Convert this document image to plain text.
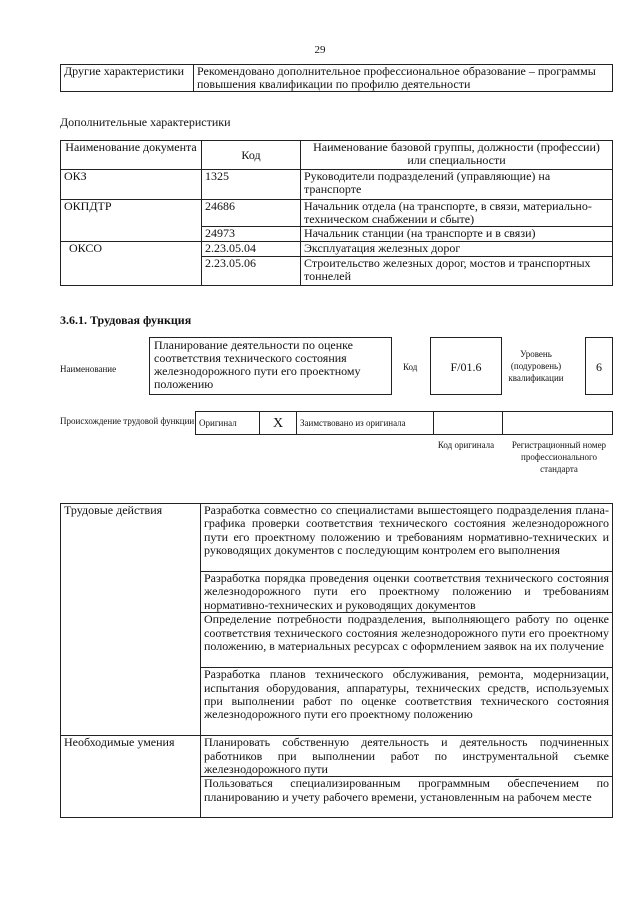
29
Другие характеристики	Рекомендовано дополнительное профессиональное образование – программы повышения квалификации по профилю деятельности
Дополнительные характеристики
Наименование документа	Код	Наименование базовой группы, должности (профессии) или специальности
ОКЗ	1325	Руководители подразделений (управляющие) на транспорте
ОКПДТР	24686	Начальник отдела (на транспорте, в связи, материально-техническом снабжении и сбыте)
	24973	Начальник станции (на транспорте и в связи)
ОКСО	2.23.05.04	Эксплуатация железных дорог
	2.23.05.06	Строительство железных дорог, мостов и транспортных тоннелей
3.6.1. Трудовая функция
Наименование
Планирование деятельности по оценке соответствия технического состояния железнодорожного пути его проектному положению
Код	F/01.6
Уровень (подуровень) квалификации
6
Происхождение трудовой функции Оригинал	X	Заимствовано из оригинала		
Код оригинала	Регистрационный номер профессионального стандарта
Трудовые действия	Разработка совместно со специалистами вышестоящего подразделения плана-графика проверки соответствия технического состояния железнодорожного пути его проектному положению и требованиям нормативно-технических и руководящих документов с последующим контролем его выполнения
	Разработка порядка проведения оценки соответствия технического состояния железнодорожного пути его проектному положению и требованиям нормативно-технических и руководящих документов
	Определение потребности подразделения, выполняющего работу по оценке соответствия технического состояния железнодорожного пути его проектному положению, в материальных ресурсах с оформлением заявок на их получение
	Разработка планов технического обслуживания, ремонта, модернизации, испытания оборудования, аппаратуры, технических средств, используемых при выполнении работ по оценке соответствия технического состояния железнодорожного пути его проектному положению
Необходимые умения	Планировать собственную деятельность и деятельность подчиненных работников при выполнении работ по инструментальной съемке железнодорожного пути
	Пользоваться специализированным программным обеспечением по планированию и учету рабочего времени, установленным на рабочем месте
